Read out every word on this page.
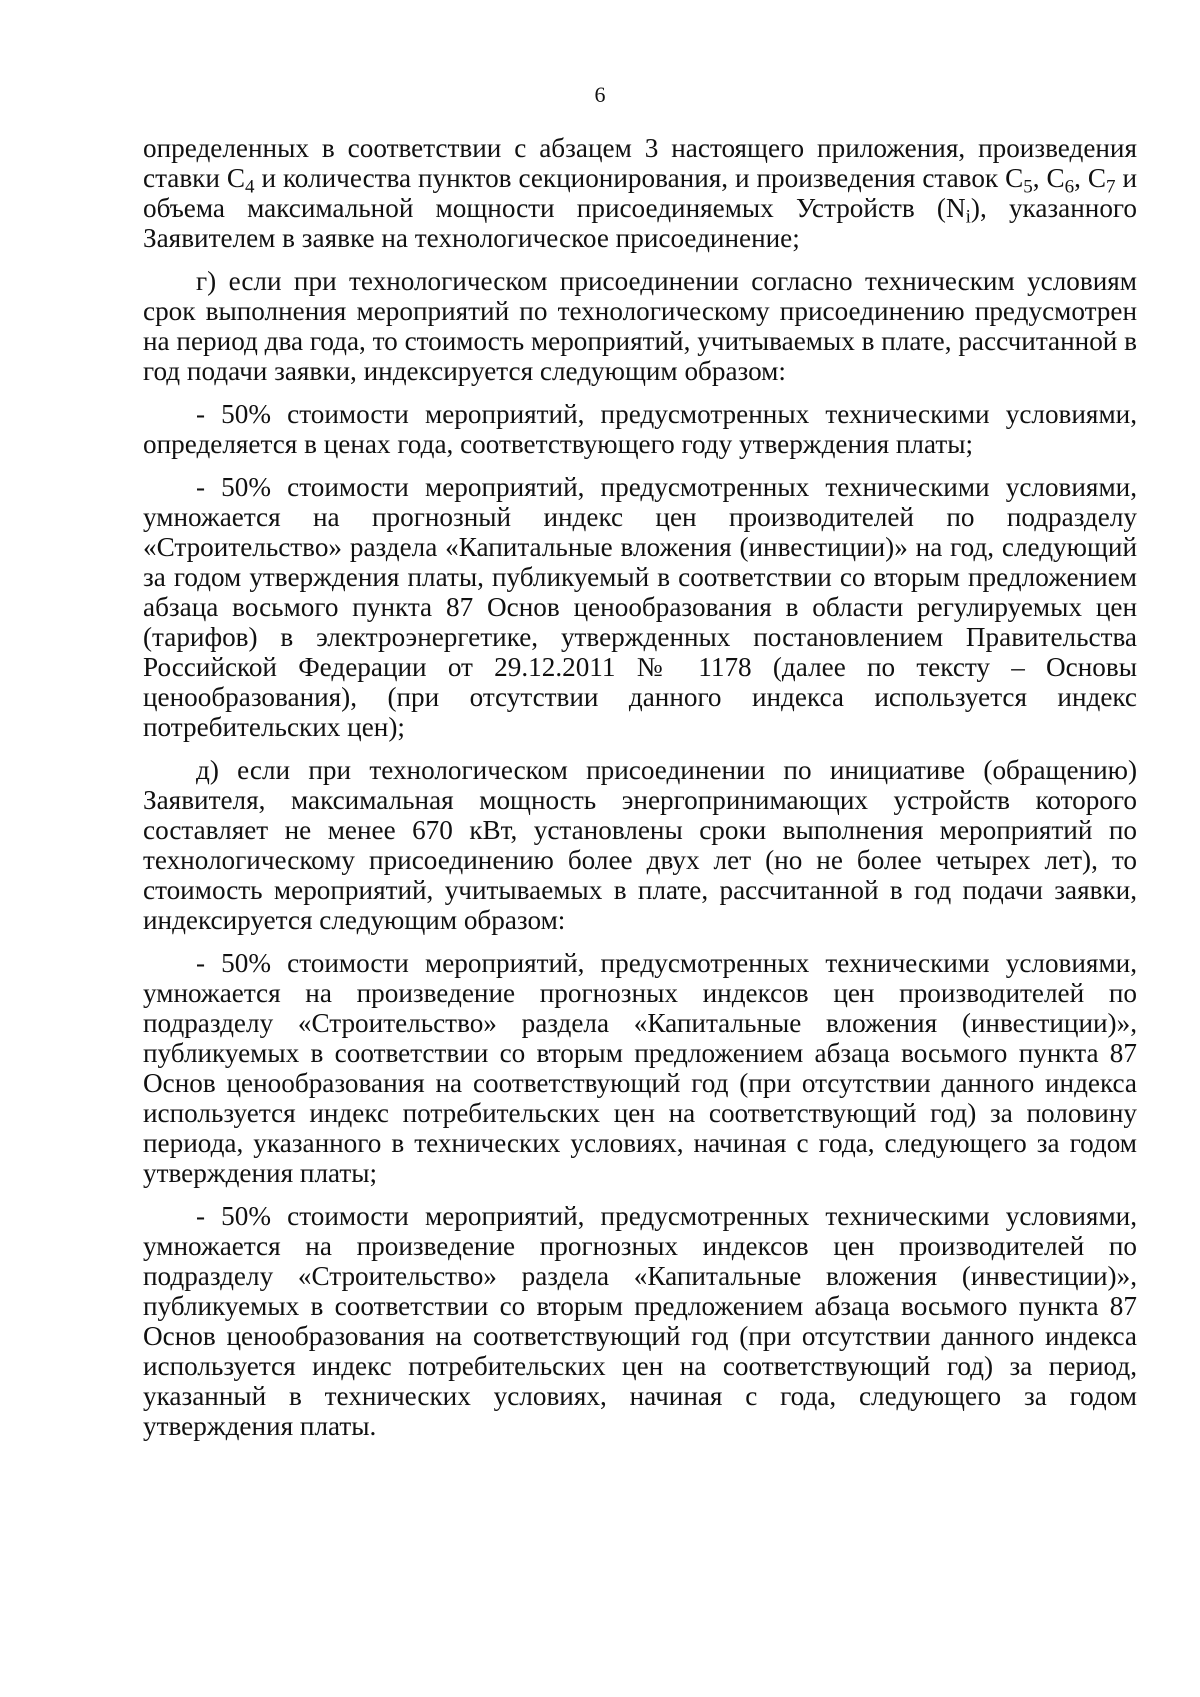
6

определенных в соответствии с абзацем 3 настоящего приложения, произведения ставки $С_4$ и количества пунктов секционирования, и произведения ставок $С_5$, $С_6$, $С_7$ и объема максимальной мощности присоединяемых Устройств $(N_i)$, указанного Заявителем в заявке на технологическое присоединение;

г) если при технологическом присоединении согласно техническим условиям срок выполнения мероприятий по технологическому присоединению предусмотрен на период два года, то стоимость мероприятий, учитываемых в плате, рассчитанной в год подачи заявки, индексируется следующим образом:

- 50% стоимости мероприятий, предусмотренных техническими условиями, определяется в ценах года, соответствующего году утверждения платы;

- 50% стоимости мероприятий, предусмотренных техническими условиями, умножается на прогнозный индекс цен производителей по подразделу «Строительство» раздела «Капитальные вложения (инвестиции)» на год, следующий за годом утверждения платы, публикуемый в соответствии со вторым предложением абзаца восьмого пункта 87 Основ ценообразования в области регулируемых цен (тарифов) в электроэнергетике, утвержденных постановлением Правительства Российской Федерации от 29.12.2011 № 1178 (далее по тексту – Основы ценообразования), (при отсутствии данного индекса используется индекс потребительских цен);

д) если при технологическом присоединении по инициативе (обращению) Заявителя, максимальная мощность энергопринимающих устройств которого составляет не менее 670 кВт, установлены сроки выполнения мероприятий по технологическому присоединению более двух лет (но не более четырех лет), то стоимость мероприятий, учитываемых в плате, рассчитанной в год подачи заявки, индексируется следующим образом:

- 50% стоимости мероприятий, предусмотренных техническими условиями, умножается на произведение прогнозных индексов цен производителей по подразделу «Строительство» раздела «Капитальные вложения (инвестиции)», публикуемых в соответствии со вторым предложением абзаца восьмого пункта 87 Основ ценообразования на соответствующий год (при отсутствии данного индекса используется индекс потребительских цен на соответствующий год) за половину периода, указанного в технических условиях, начиная с года, следующего за годом утверждения платы;

- 50% стоимости мероприятий, предусмотренных техническими условиями, умножается на произведение прогнозных индексов цен производителей по подразделу «Строительство» раздела «Капитальные вложения (инвестиции)», публикуемых в соответствии со вторым предложением абзаца восьмого пункта 87 Основ ценообразования на соответствующий год (при отсутствии данного индекса используется индекс потребительских цен на соответствующий год) за период, указанный в технических условиях, начиная с года, следующего за годом утверждения платы.
